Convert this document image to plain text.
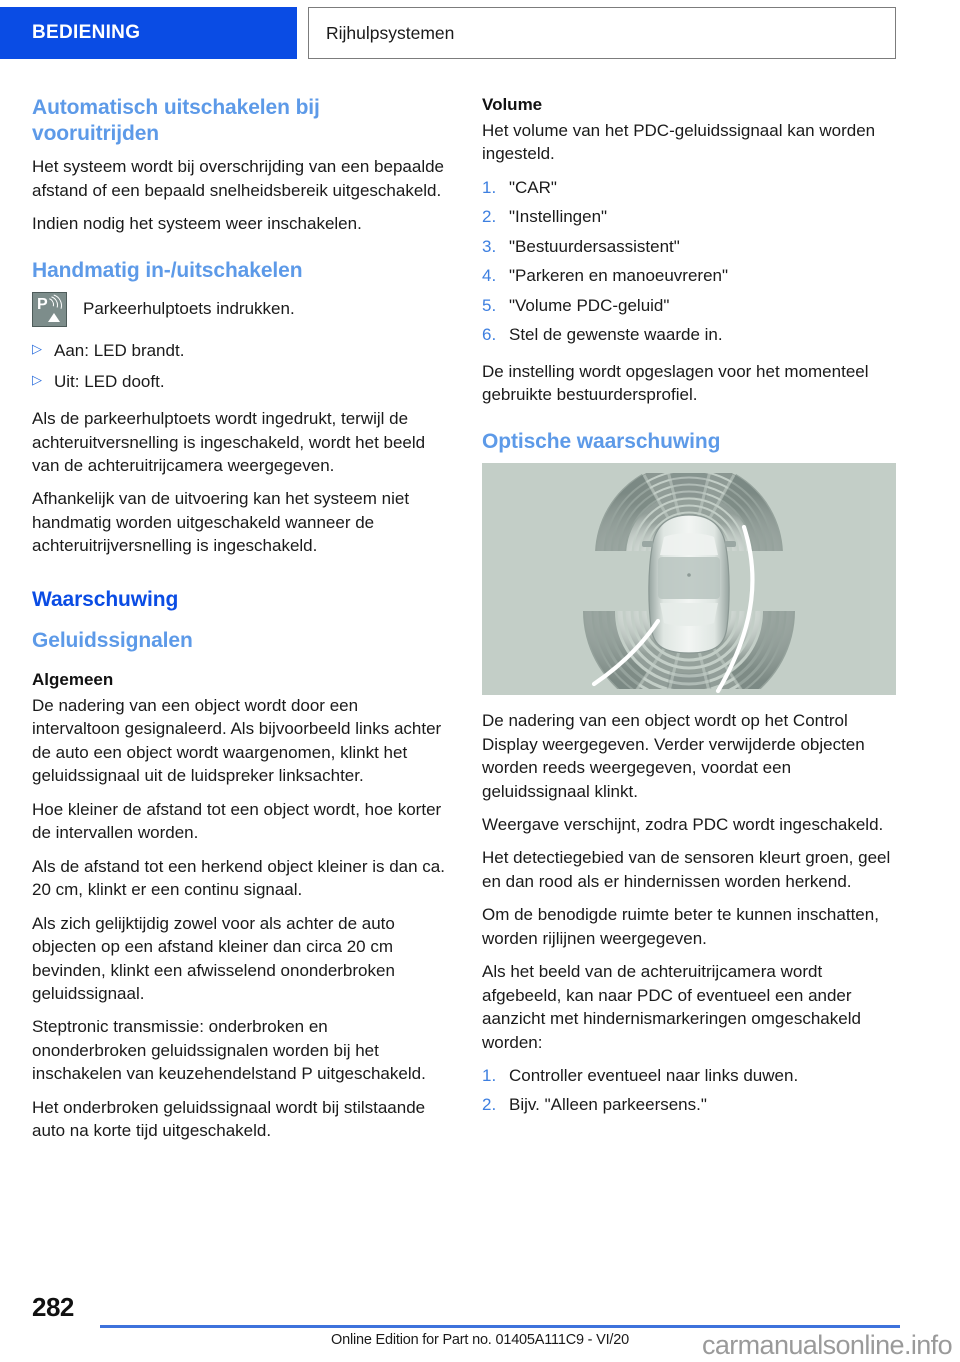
BEDIENING	Rijhulpsystemen
Automatisch uitschakelen bij vooruitrijden

Het systeem wordt bij overschrijding van een bepaalde afstand of een bepaald snelheidsbereik uitgeschakeld.

Indien nodig het systeem weer inschakelen.

Handmatig in-/uitschakelen
P Parkeerhulptoets indrukken.
▷ Aan: LED brandt.
▷ Uit: LED dooft.

Als de parkeerhulptoets wordt ingedrukt, terwijl de achteruitversnelling is ingeschakeld, wordt het beeld van de achteruitrijcamera weergegeven.

Afhankelijk van de uitvoering kan het systeem niet handmatig worden uitgeschakeld wanneer de achteruitrijversnelling is ingeschakeld.

Waarschuwing
Geluidssignalen
Algemeen

De nadering van een object wordt door een intervaltoon gesignaleerd. Als bijvoorbeeld links achter de auto een object wordt waargenomen, klinkt het geluidssignaal uit de luidspreker linksachter.

Hoe kleiner de afstand tot een object wordt, hoe korter de intervallen worden.

Als de afstand tot een herkend object kleiner is dan ca. 20 cm, klinkt er een continu signaal.

Als zich gelijktijdig zowel voor als achter de auto objecten op een afstand kleiner dan circa 20 cm bevinden, klinkt een afwisselend ononderbroken geluidssignaal.

Steptronic transmissie: onderbroken en ononderbroken geluidssignalen worden bij het inschakelen van keuzehendelstand P uitgeschakeld.

Het onderbroken geluidssignaal wordt bij stilstaande auto na korte tijd uitgeschakeld.

Volume

Het volume van het PDC-geluidssignaal kan worden ingesteld.

1. "CAR"
2. "Instellingen"
3. "Bestuurdersassistent"
4. "Parkeren en manoeuvreren"
5. "Volume PDC-geluid"
6. Stel de gewenste waarde in.

De instelling wordt opgeslagen voor het momenteel gebruikte bestuurdersprofiel.

Optische waarschuwing

De nadering van een object wordt op het Control Display weergegeven. Verder verwijderde objecten worden reeds weergegeven, voordat een geluidssignaal klinkt.

Weergave verschijnt, zodra PDC wordt ingeschakeld.

Het detectiegebied van de sensoren kleurt groen, geel en dan rood als er hindernissen worden herkend.

Om de benodigde ruimte beter te kunnen inschatten, worden rijlijnen weergegeven.

Als het beeld van de achteruitrijcamera wordt afgebeeld, kan naar PDC of eventueel een ander aanzicht met hindernismarkeringen omgeschakeld worden:

1. Controller eventueel naar links duwen.
2. Bijv. "Alleen parkeersens."
282
Online Edition for Part no. 01405A111C9 - VI/20	carmanualsonline.info
